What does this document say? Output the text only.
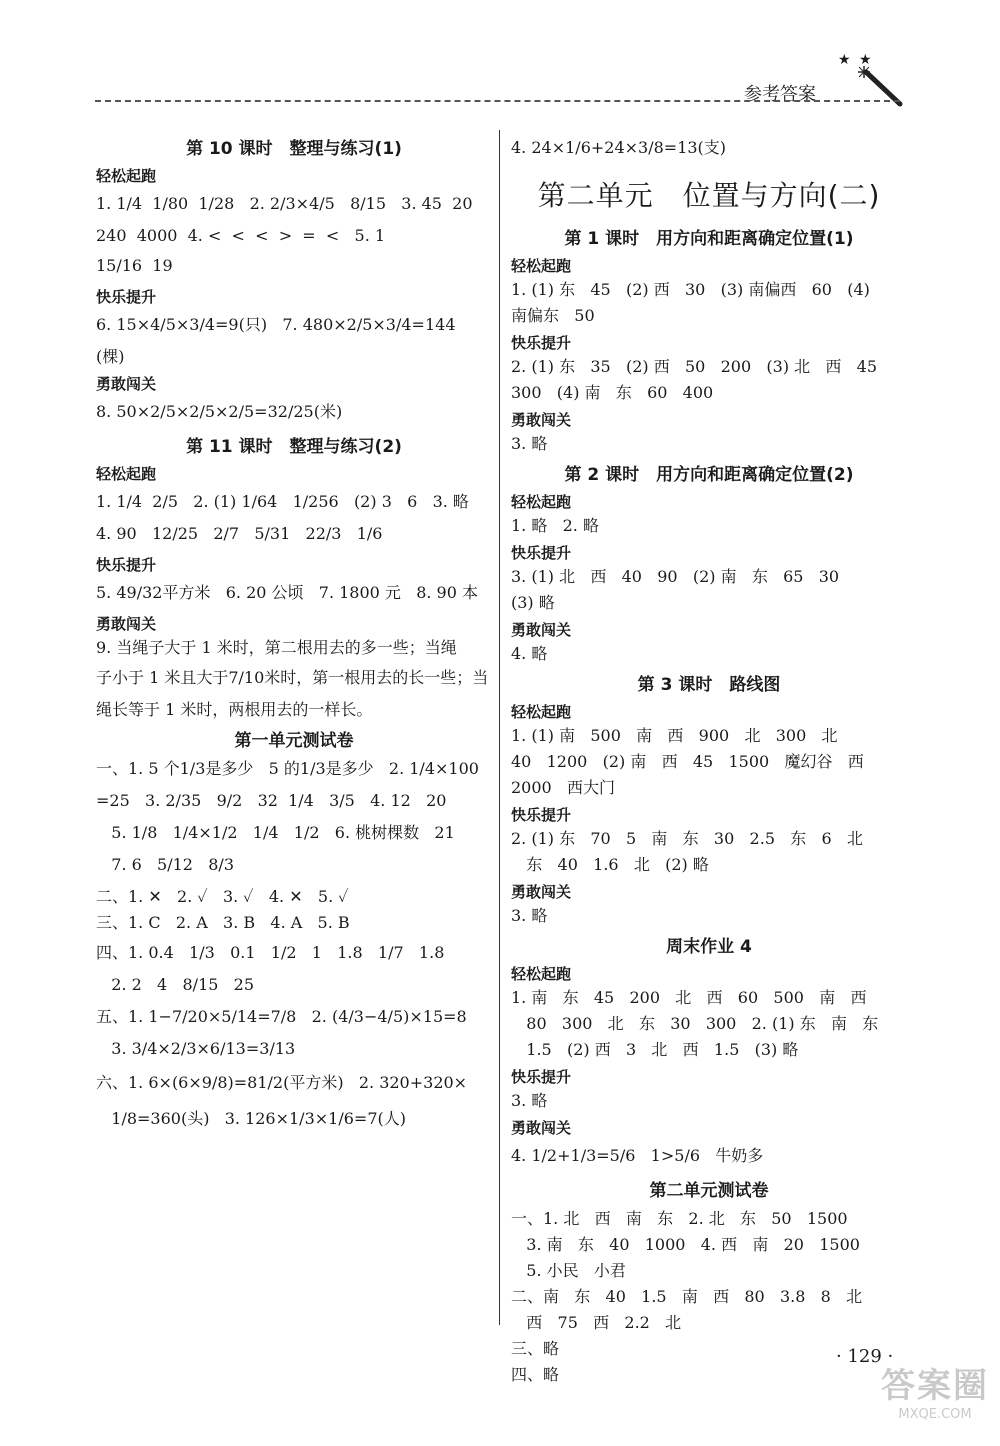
★ ★
参考答案
第 10 课时　整理与练习(1)
轻松起跑
1. 1/4  1/80  1/28   2. 2/3×4/5   8/15   3. 45  20
240  4000  4. <  <  <  >  =  <   5. 1
15/16  19
快乐提升
6. 15×4/5×3/4=9(只)   7. 480×2/5×3/4=144
(棵)
勇敢闯关
8. 50×2/5×2/5×2/5=32/25(米)
第 11 课时　整理与练习(2)
轻松起跑
1. 1/4  2/5   2. (1) 1/64   1/256   (2) 3   6   3. 略
4. 90   12/25   2/7   5/31   22/3   1/6
快乐提升
5. 49/32平方米   6. 20 公顷   7. 1800 元   8. 90 本
勇敢闯关
9. 当绳子大于 1 米时，第二根用去的多一些；当绳
子小于 1 米且大于7/10米时，第一根用去的长一些；当
绳长等于 1 米时，两根用去的一样长。
第一单元测试卷
一、1. 5 个1/3是多少   5 的1/3是多少   2. 1/4×100
=25   3. 2/35   9/2   32  1/4   3/5   4. 12   20
5. 1/8   1/4×1/2   1/4   1/2   6. 桃树棵数   21
7. 6   5/12   8/3
二、1. ✕   2. ✓   3. ✓   4. ✕   5. ✓
三、1. C   2. A   3. B   4. A   5. B
四、1. 0.4   1/3   0.1   1/2   1   1.8   1/7   1.8
2. 2   4   8/15   25
五、1. 1−7/20×5/14=7/8   2. (4/3−4/5)×15=8
3. 3/4×2/3×6/13=3/13
六、1. 6×(6×9/8)=81/2(平方米)   2. 320+320×
1/8=360(头)   3. 126×1/3×1/6=7(人)
4. 24×1/6+24×3/8=13(支)
第二单元　位置与方向(二)
第 1 课时　用方向和距离确定位置(1)
轻松起跑
1. (1) 东   45   (2) 西   30   (3) 南偏西   60   (4)
南偏东   50
快乐提升
2. (1) 东   35   (2) 西   50   200   (3) 北   西   45
300   (4) 南   东   60   400
勇敢闯关
3. 略
第 2 课时　用方向和距离确定位置(2)
轻松起跑
1. 略   2. 略
快乐提升
3. (1) 北   西   40   90   (2) 南   东   65   30
(3) 略
勇敢闯关
4. 略
第 3 课时　路线图
轻松起跑
1. (1) 南   500   南   西   900   北   300   北
40   1200   (2) 南   西   45   1500   魔幻谷   西
2000   西大门
快乐提升
2. (1) 东   70   5   南   东   30   2.5   东   6   北
东   40   1.6   北   (2) 略
勇敢闯关
3. 略
周末作业 4
轻松起跑
1. 南   东   45   200   北   西   60   500   南   西
80   300   北   东   30   300   2. (1) 东   南   东
1.5   (2) 西   3   北   西   1.5   (3) 略
快乐提升
3. 略
勇敢闯关
4. 1/2+1/3=5/6   1>5/6   牛奶多
第二单元测试卷
一、1. 北   西   南   东   2. 北   东   50   1500
3. 南   东   40   1000   4. 西   南   20   1500
5. 小民   小君
二、南   东   40   1.5   南   西   80   3.8   8   北
西   75   西   2.2   北
三、略
四、略
· 129 ·
答案圈
MXQE.COM
